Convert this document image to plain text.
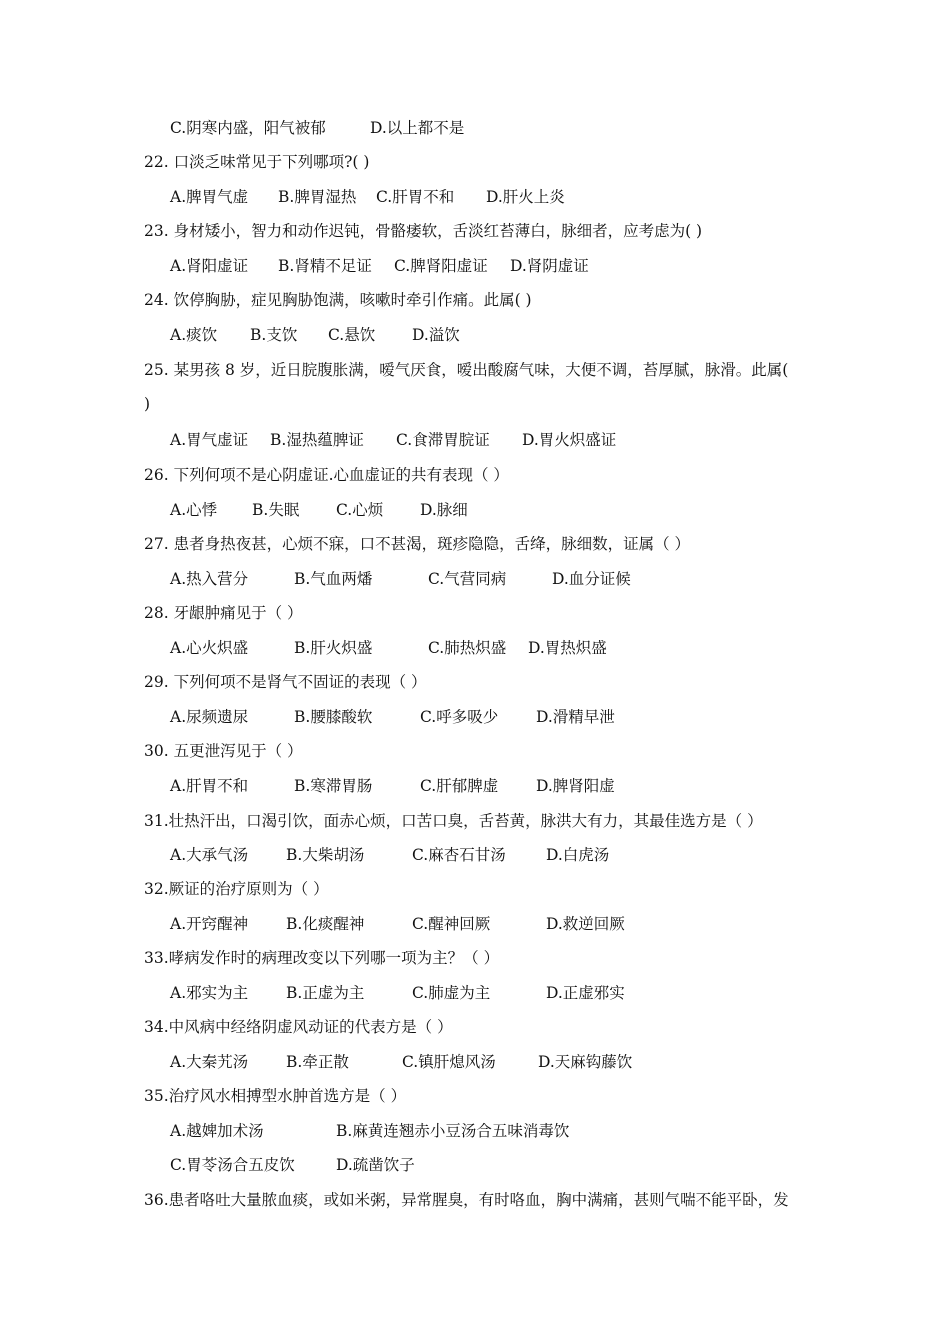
C.阴寒内盛，阳气被郁	D.以上都不是
22. 口淡乏味常见于下列哪项?( )
A.脾胃气虚 B.脾胃湿热 C.肝胃不和 D.肝火上炎
23. 身材矮小，智力和动作迟钝，骨骼痿软，舌淡红苔薄白，脉细者，应考虑为( )
A.肾阳虚证 B.肾精不足证 C.脾肾阳虚证 D.肾阴虚证
24. 饮停胸胁，症见胸胁饱满，咳嗽时牵引作痛。此属( )
A.痰饮 B.支饮 C.悬饮 D.溢饮
25. 某男孩 8 岁，近日脘腹胀满，嗳气厌食，嗳出酸腐气味，大便不调，苔厚腻，脉滑。此属(
)
A.胃气虚证 B.湿热蕴脾证 C.食滞胃脘证 D.胃火炽盛证
26. 下列何项不是心阴虚证.心血虚证的共有表现（ ）
A.心悸 B.失眠 C.心烦 D.脉细
27. 患者身热夜甚，心烦不寐，口不甚渴，斑疹隐隐，舌绛，脉细数，证属（ ）
A.热入营分	B.气血两燔	C.气营同病	D.血分证候
28. 牙龈肿痛见于（ ）
A.心火炽盛	B.肝火炽盛	C.肺热炽盛 D.胃热炽盛
29. 下列何项不是肾气不固证的表现（ ）
A.尿频遗尿	B.腰膝酸软	C.呼多吸少 D.滑精早泄
30. 五更泄泻见于（ ）
A.肝胃不和	B.寒滞胃肠	C.肝郁脾虚 D.脾肾阳虚
31.壮热汗出，口渴引饮，面赤心烦，口苦口臭，舌苔黄，脉洪大有力，其最佳选方是（ ）
A.大承气汤 B.大柴胡汤	C.麻杏石甘汤	D.白虎汤
32.厥证的治疗原则为（ ）
A.开窍醒神 B.化痰醒神	C.醒神回厥	D.救逆回厥
33.哮病发作时的病理改变以下列哪一项为主？（ ）
A.邪实为主 B.正虚为主	C.肺虚为主	D.正虚邪实
34.中风病中经络阴虚风动证的代表方是（ ）
A.大秦艽汤 B.牵正散	C.镇肝熄风汤	D.天麻钩藤饮
35.治疗风水相搏型水肿首选方是（ ）
A.越婢加术汤	B.麻黄连翘赤小豆汤合五味消毒饮
C.胃苓汤合五皮饮	D.疏凿饮子
36.患者咯吐大量脓血痰，或如米粥，异常腥臭，有时咯血，胸中满痛，甚则气喘不能平卧，发
